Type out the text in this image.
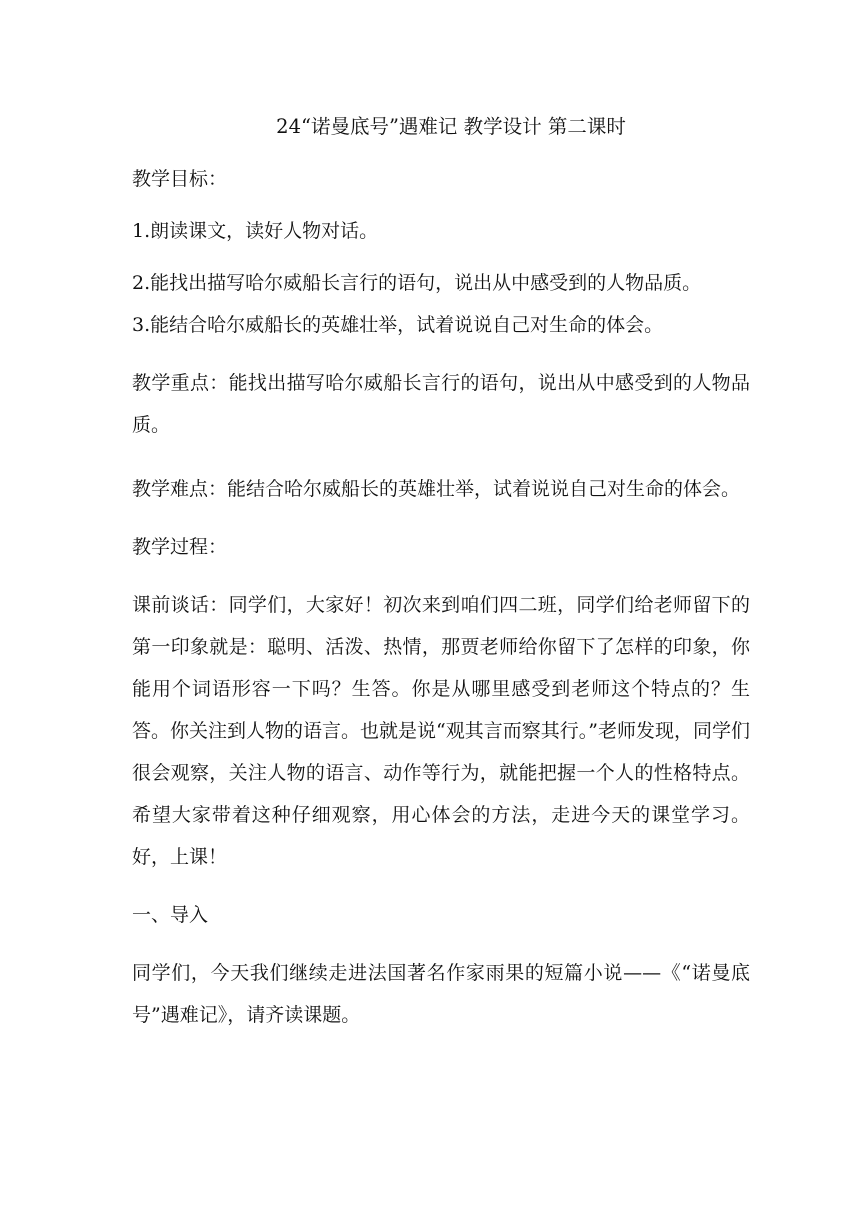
24“诺曼底号”遇难记 教学设计 第二课时

教学目标：

1.朗读课文，读好人物对话。

2.能找出描写哈尔威船长言行的语句，说出从中感受到的人物品质。

3.能结合哈尔威船长的英雄壮举，试着说说自己对生命的体会。

教学重点：能找出描写哈尔威船长言行的语句，说出从中感受到的人物品质。

教学难点：能结合哈尔威船长的英雄壮举，试着说说自己对生命的体会。

教学过程：

课前谈话：同学们，大家好！初次来到咱们四二班，同学们给老师留下的第一印象就是：聪明、活泼、热情，那贾老师给你留下了怎样的印象，你能用个词语形容一下吗？生答。你是从哪里感受到老师这个特点的？生答。你关注到人物的语言。也就是说“观其言而察其行。”老师发现，同学们很会观察，关注人物的语言、动作等行为，就能把握一个人的性格特点。希望大家带着这种仔细观察，用心体会的方法，走进今天的课堂学习。好，上课！

一、导入

同学们，今天我们继续走进法国著名作家雨果的短篇小说——《“诺曼底号”遇难记》，请齐读课题。
